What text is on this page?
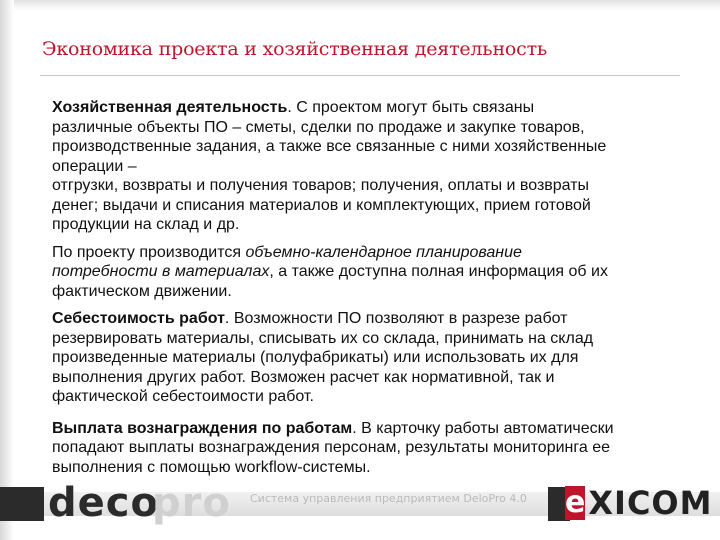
Экономика проекта и хозяйственная деятельность
Хозяйственная деятельность. С проектом могут быть связаны
различные объекты ПО – сметы, сделки по продаже и закупке товаров,
производственные задания, а также все связанные с ними хозяйственные
операции –
отгрузки, возвраты и получения товаров; получения, оплаты и возвраты
денег; выдачи и списания материалов и комплектующих, прием готовой
продукции на склад и др.
По проекту производится объемно-календарное планирование
потребности в материалах, а также доступна полная информация об их
фактическом движении.
Себестоимость работ. Возможности ПО позволяют в разрезе работ
резервировать материалы, списывать их со склада, принимать на склад
произведенные материалы (полуфабрикаты) или использовать их для
выполнения других работ. Возможен расчет как нормативной, так и
фактической себестоимости работ.
Выплата вознаграждения по работам. В карточку работы автоматически
попадают выплаты вознаграждения персонам, результаты мониторинга ее
выполнения с помощью workflow-системы.
deco
pro Система управления предприятием DeloPro 4.0 e XICOM
